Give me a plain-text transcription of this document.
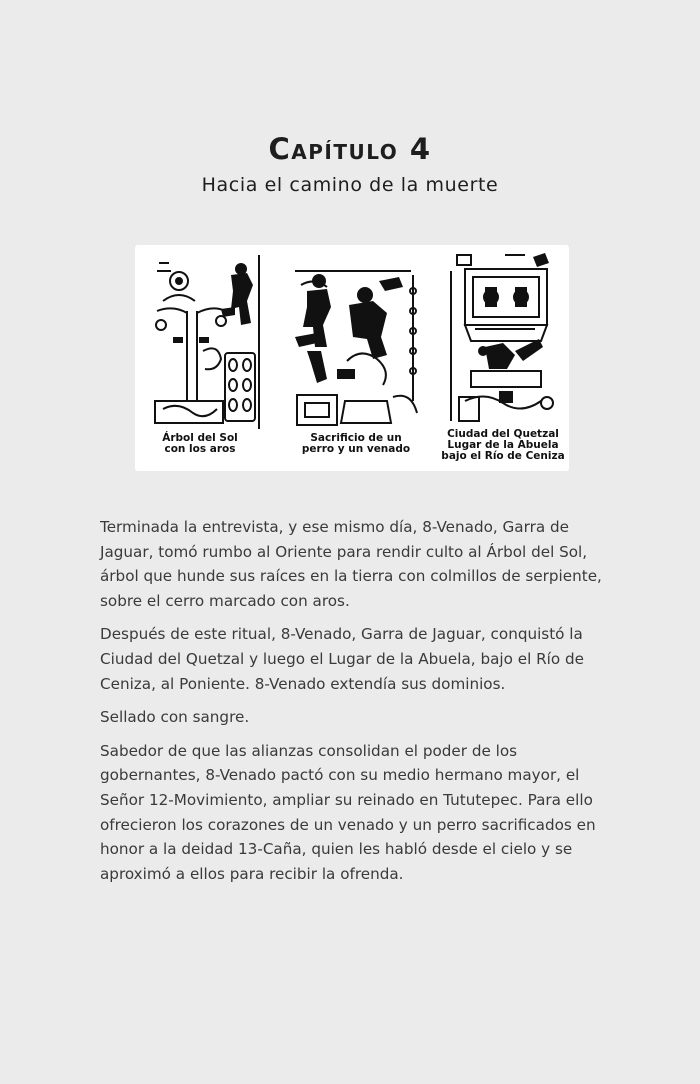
Capítulo 4
Hacia el camino de la muerte
Árbol del Sol
con los aros
Sacrificio de un
perro y un venado
Ciudad del Quetzal
Lugar de la Abuela
bajo el Río de Ceniza

Terminada la entrevista, y ese mismo día, 8-Venado, Garra de Jaguar, tomó rumbo al Oriente para rendir culto al Árbol del Sol, árbol que hunde sus raíces en la tierra con colmillos de serpiente, sobre el cerro marcado con aros.

Después de este ritual, 8-Venado, Garra de Jaguar, conquistó la Ciudad del Quetzal y luego el Lugar de la Abuela, bajo el Río de Ceniza, al Poniente. 8-Venado extendía sus dominios.

Sellado con sangre.

Sabedor de que las alianzas consolidan el poder de los gobernantes, 8-Venado pactó con su medio hermano mayor, el Señor 12-Movimiento, ampliar su reinado en Tututepec. Para ello ofrecieron los corazones de un venado y un perro sacrificados en honor a la deidad 13-Caña, quien les habló desde el cielo y se aproximó a ellos para recibir la ofrenda.
